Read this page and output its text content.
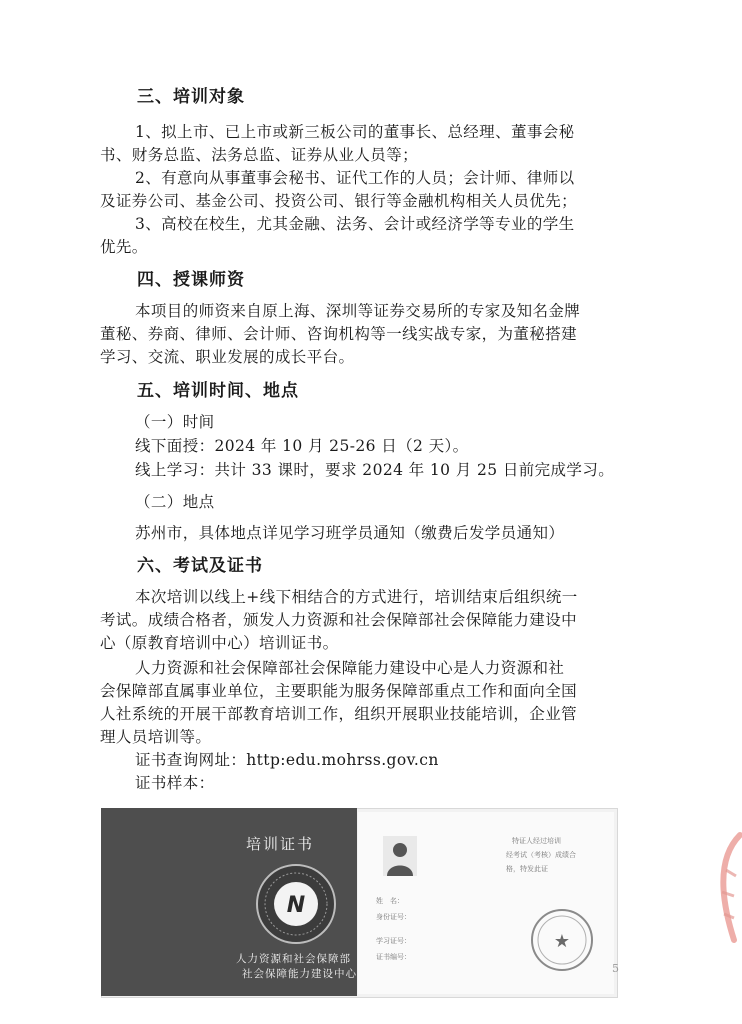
三、培训对象
1、拟上市、已上市或新三板公司的董事长、总经理、董事会秘
书、财务总监、法务总监、证券从业人员等；
2、有意向从事董事会秘书、证代工作的人员；会计师、律师以
及证券公司、基金公司、投资公司、银行等金融机构相关人员优先；
3、高校在校生，尤其金融、法务、会计或经济学等专业的学生
优先。
四、授课师资
本项目的师资来自原上海、深圳等证券交易所的专家及知名金牌
董秘、券商、律师、会计师、咨询机构等一线实战专家，为董秘搭建
学习、交流、职业发展的成长平台。
五、培训时间、地点
（一）时间
线下面授：2024 年 10 月 25-26 日（2 天）。
线上学习：共计 33 课时，要求 2024 年 10 月 25 日前完成学习。
（二）地点
苏州市，具体地点详见学习班学员通知（缴费后发学员通知）
六、考试及证书
本次培训以线上+线下相结合的方式进行，培训结束后组织统一
考试。成绩合格者，颁发人力资源和社会保障部社会保障能力建设中
心（原教育培训中心）培训证书。
人力资源和社会保障部社会保障能力建设中心是人力资源和社
会保障部直属事业单位，主要职能为服务保障部重点工作和面向全国
人社系统的开展干部教育培训工作，组织开展职业技能培训，企业管
理人员培训等。
证书查询网址：http:edu.mohrss.gov.cn
证书样本：
培训证书
N
人力资源和社会保障部
社会保障能力建设中心
特证人经过培训
经考试（考核）成绩合
格，特发此证
姓　名：
身份证号：
学习证号：
证书编号：
★
5
